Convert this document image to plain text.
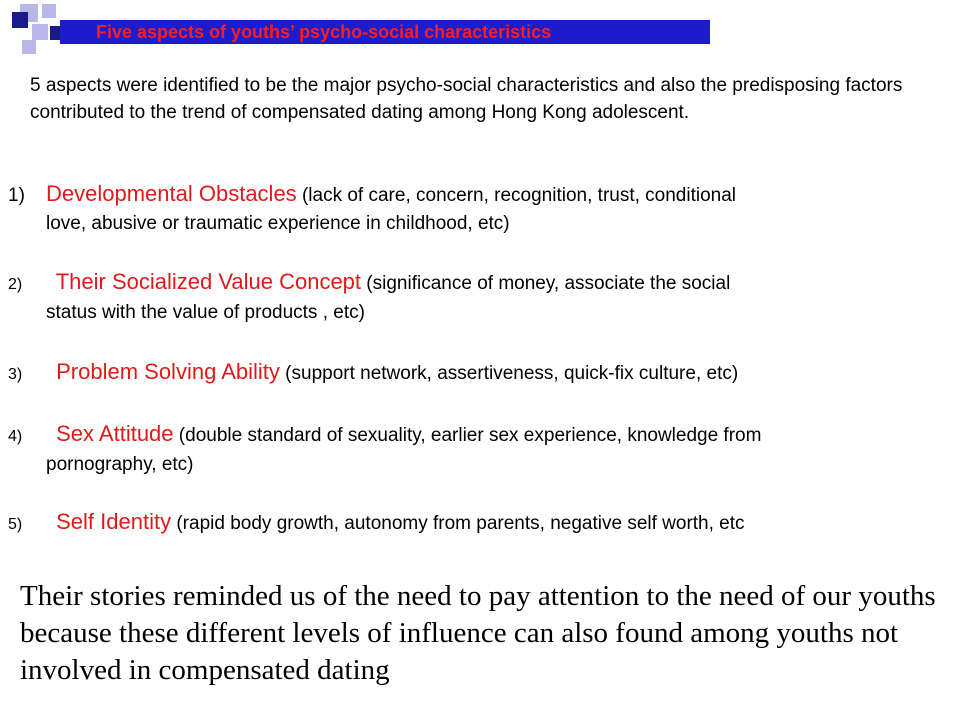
Five aspects of youths’ psycho-social characteristics
5 aspects were identified to be the major psycho-social characteristics and also the predisposing factors contributed to the trend of compensated dating among Hong Kong adolescent.
1) Developmental Obstacles (lack of care, concern, recognition, trust, conditional
love, abusive or traumatic experience in childhood, etc)
2) Their Socialized Value Concept (significance of money, associate the social
status with the value of products , etc)
3) Problem Solving Ability (support network, assertiveness, quick-fix culture, etc)
4) Sex Attitude (double standard of sexuality, earlier sex experience, knowledge from
pornography, etc)
5) Self Identity (rapid body growth, autonomy from parents, negative self worth, etc
Their stories reminded us of the need to pay attention to the need of our youths because these different levels of influence can also found among youths not involved in compensated dating
